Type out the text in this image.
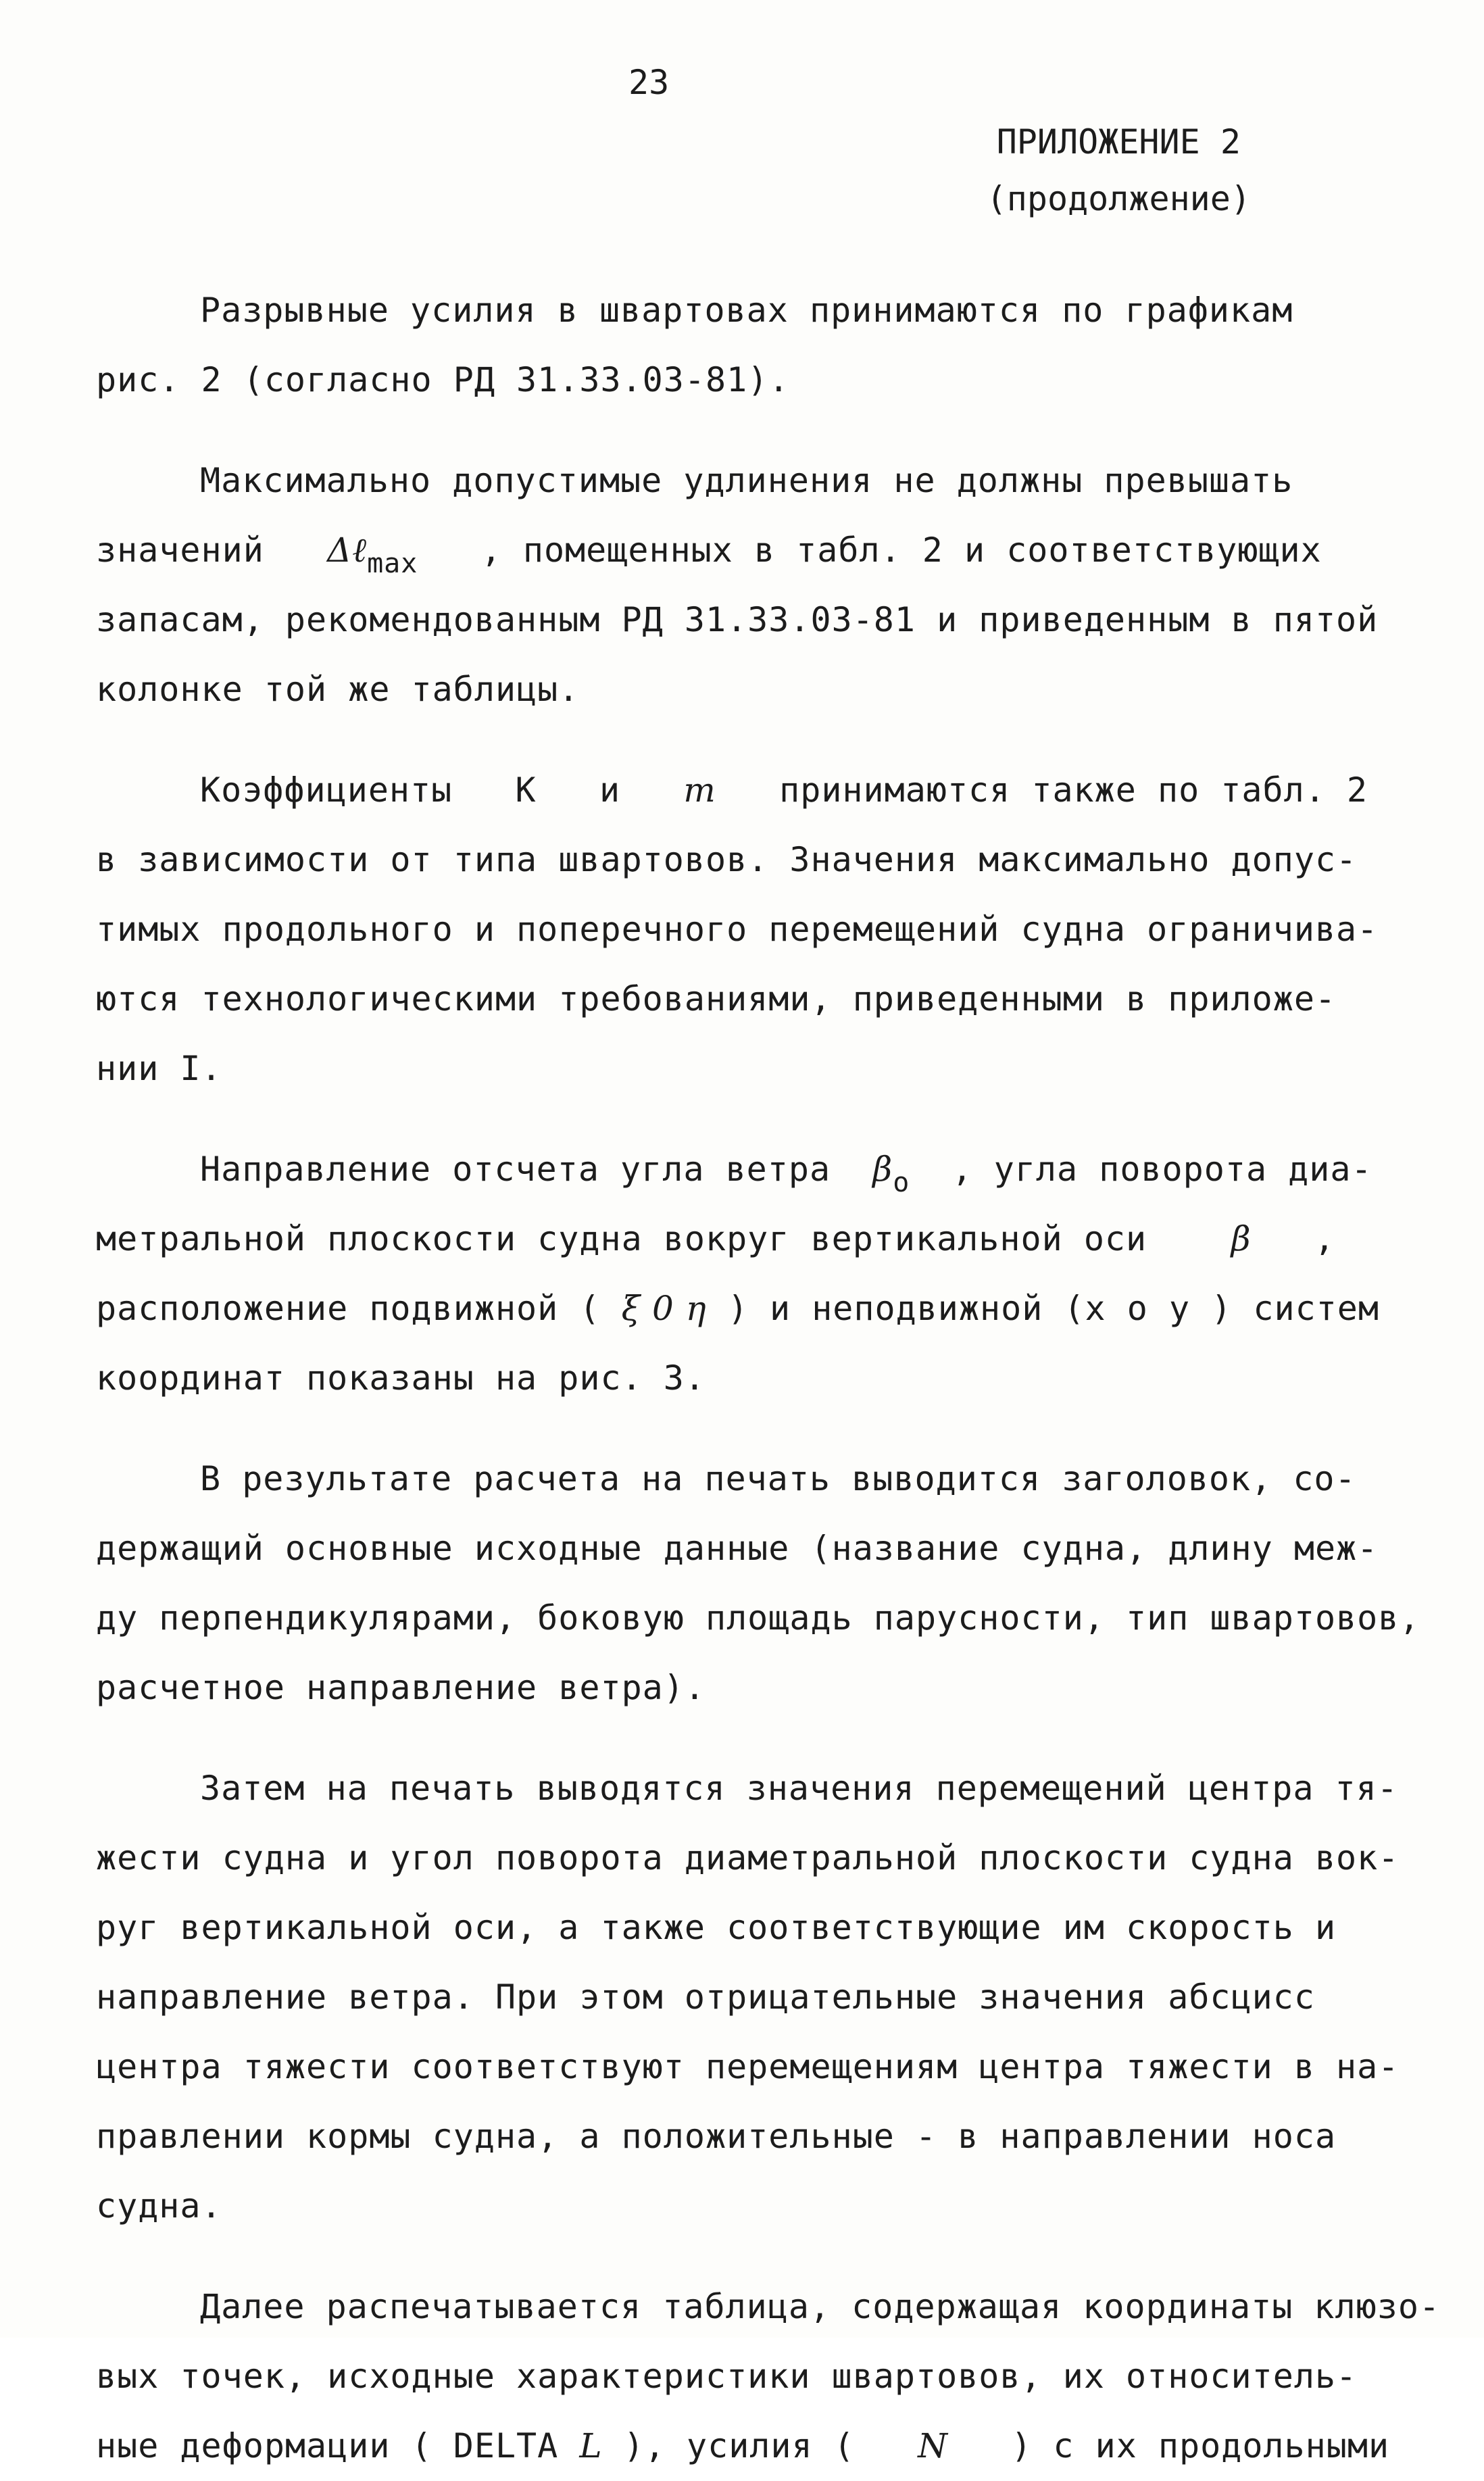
23
ПРИЛОЖЕНИЕ 2
(продолжение)
Разрывные усилия в швартовах принимаются по графикам
рис. 2 (согласно РД 31.33.03-81).
Максимально допустимые удлинения не должны превышать
значений Δℓ$_{max}$ , помещенных в табл. 2 и соответствующих
запасам, рекомендованным РД 31.33.03-81 и приведенным в пятой
колонке той же таблицы.
Коэффициенты К и m принимаются также по табл. 2
в зависимости от типа швартовов. Значения максимально допус-
тимых продольного и поперечного перемещений судна ограничива-
ются технологическими требованиями, приведенными в приложе-
нии I.
Направление отсчета угла ветра $\beta_о$ , угла поворота диа-
метральной плоскости судна вокруг вертикальной оси β ,
расположение подвижной ( ξ 0 η ) и неподвижной (x o y ) систем
координат показаны на рис. 3.
В результате расчета на печать выводится заголовок, со-
держащий основные исходные данные (название судна, длину меж-
ду перпендикулярами, боковую площадь парусности, тип швартовов,
расчетное направление ветра).
Затем на печать выводятся значения перемещений центра тя-
жести судна и угол поворота диаметральной плоскости судна вок-
руг вертикальной оси, а также соответствующие им скорость и
направление ветра. При этом отрицательные значения абсцисс
центра тяжести соответствуют перемещениям центра тяжести в на-
правлении кормы судна, а положительные - в направлении носа
судна.
Далее распечатывается таблица, содержащая координаты клюзо-
вых точек, исходные характеристики швартовов, их относитель-
ные деформации ( DELTA L ), усилия ( N ) с их продольными
